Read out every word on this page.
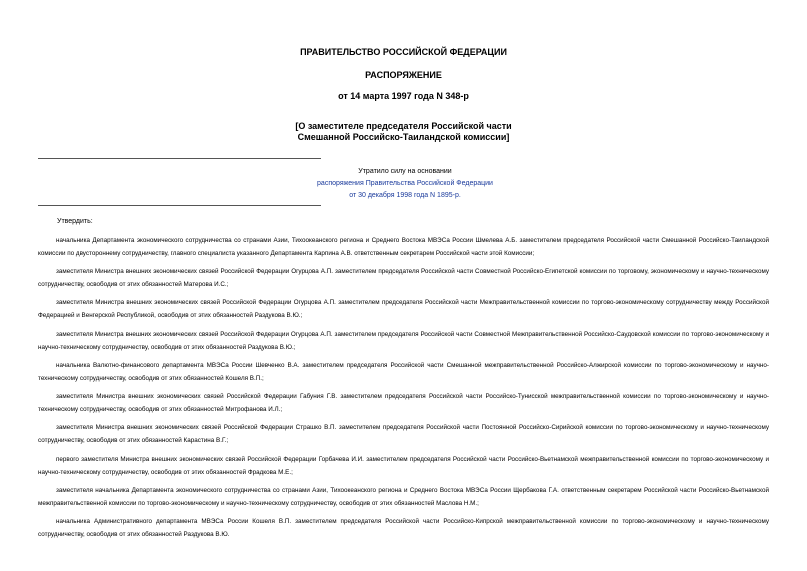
ПРАВИТЕЛЬСТВО РОССИЙСКОЙ ФЕДЕРАЦИИ
РАСПОРЯЖЕНИЕ
от 14 марта 1997 года N 348-р
[О заместителе председателя Российской части
Смешанной Российско-Таиландской комиссии]
Утратило силу на основании
распоряжения Правительства Российской Федерации
от 30 декабря 1998 года N 1895-р.
Утвердить:
начальника Департамента экономического сотрудничества со странами Азии, Тихоокеанского региона и Среднего Востока МВЭСа России Шмелева А.Б. заместителем председателя Российской части Смешанной Российско-Таиландской комиссии по двустороннему сотрудничеству, главного специалиста указанного Департамента Карпина А.В. ответственным секретарем Российской части этой Комиссии;
заместителя Министра внешних экономических связей Российской Федерации Огурцова А.П. заместителем председателя Российской части Совместной Российско-Египетской комиссии по торговому, экономическому и научно-техническому сотрудничеству, освободив от этих обязанностей Матерова И.С.;
заместителя Министра внешних экономических связей Российской Федерации Огурцова А.П. заместителем председателя Российской части Межправительственной комиссии по торгово-экономическому сотрудничеству между Российской Федерацией и Венгерской Республикой, освободив от этих обязанностей Раздукова В.Ю.;
заместителя Министра внешних экономических связей Российской Федерации Огурцова А.П. заместителем председателя Российской части Совместной Межправительственной Российско-Саудовской комиссии по торгово-экономическому и научно-техническому сотрудничеству, освободив от этих обязанностей Раздукова В.Ю.;
начальника Валютно-финансового департамента МВЭСа России Шевченко В.А. заместителем председателя Российской части Смешанной межправительственной Российско-Алжирской комиссии по торгово-экономическому и научно-техническому сотрудничеству, освободив от этих обязанностей Кошеля В.П.;
заместителя Министра внешних экономических связей Российской Федерации Габуния Г.В. заместителем председателя Российской части Российско-Тунисской межправительственной комиссии по торгово-экономическому и научно-техническому сотрудничеству, освободив от этих обязанностей Митрофанова И.Л.;
заместителя Министра внешних экономических связей Российской Федерации Страшко В.П. заместителем председателя Российской части Постоянной Российско-Сирийской комиссии по торгово-экономическому и научно-техническому сотрудничеству, освободив от этих обязанностей Карастина В.Г.;
первого заместителя Министра внешних экономических связей Российской Федерации Горбачева И.И. заместителем председателя Российской части Российско-Вьетнамской межправительственной комиссии по торгово-экономическому и научно-техническому сотрудничеству, освободив от этих обязанностей Фрадкова М.Е.;
заместителя начальника Департамента экономического сотрудничества со странами Азии, Тихоокеанского региона и Среднего Востока МВЭСа России Щербакова Г.А. ответственным секретарем Российской части Российско-Вьетнамской межправительственной комиссии по торгово-экономическому и научно-техническому сотрудничеству, освободив от этих обязанностей Маслова Н.М.;
начальника Административного департамента МВЭСа России Кошеля В.П. заместителем председателя Российской части Российско-Кипрской межправительственной комиссии по торгово-экономическому и научно-техническому сотрудничеству, освободив от этих обязанностей Раздукова В.Ю.
